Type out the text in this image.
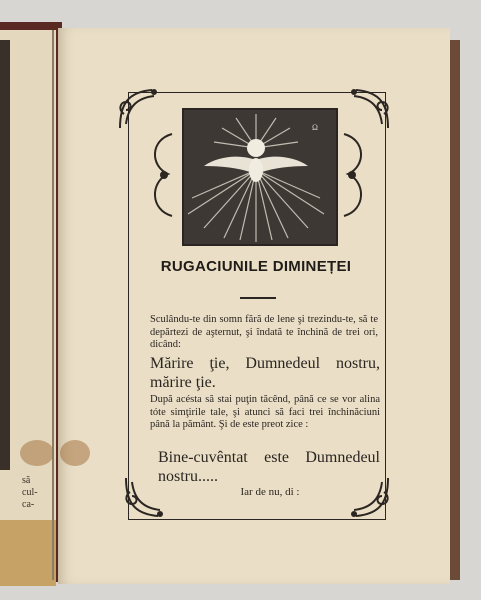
să
cul-
ca-
Ω
RUGACIUNILE DIMINEȚEI
Sculându-te din somn fără de lene şi trezindu-te, să te depărtezi de aşternut, şi îndată te închină de trei ori, dicând:
Mărire ţie, Dumnedeul nostru, mărire ţie.
După acésta să stai puţin tăcênd, până ce se vor alina tóte simţirile tale, şi atunci să faci trei închinăciuni până la pământ. Şi de este preot zice :
Bine-cuvêntat este Dumnedeul nostru.....
Iar de nu, di :
